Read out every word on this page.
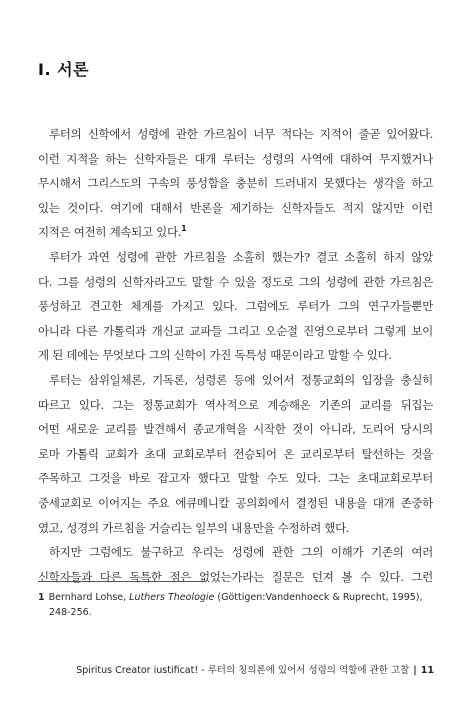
I. 서론
루터의 신학에서 성령에 관한 가르침이 너무 적다는 지적이 줄곧 있어왔다.
이런 지적을 하는 신학자들은 대개 루터는 성령의 사역에 대하여 무지했거나
무시해서 그리스도의 구속의 풍성함을 충분히 드러내지 못했다는 생각을 하고
있는 것이다. 여기에 대해서 반론을 제기하는 신학자들도 적지 않지만 이런
지적은 여전히 계속되고 있다.$^1$
루터가 과연 성령에 관한 가르침을 소홀히 했는가? 결코 소홀히 하지 않았
다. 그를 성령의 신학자라고도 말할 수 있을 정도로 그의 성령에 관한 가르침은
풍성하고 견고한 체계를 가지고 있다. 그럼에도 루터가 그의 연구가들뿐만
아니라 다른 가톨릭과 개신교 교파들 그리고 오순절 진영으로부터 그렇게 보이
게 된 데에는 무엇보다 그의 신학이 가진 독특성 때문이라고 말할 수 있다.
루터는 삼위일체론, 기독론, 성령론 등에 있어서 정통교회의 입장을 충실히
따르고 있다. 그는 정통교회가 역사적으로 계승해온 기존의 교리를 뒤집는
어떤 새로운 교리를 발견해서 종교개혁을 시작한 것이 아니라, 도리어 당시의
로마 가톨릭 교회가 초대 교회로부터 전승되어 온 교리로부터 탈선하는 것을
주목하고 그것을 바로 잡고자 했다고 말할 수도 있다. 그는 초대교회로부터
중세교회로 이어지는 주요 에큐메니칼 공의회에서 결정된 내용을 대개 존중하
였고, 성경의 가르침을 거슬리는 일부의 내용만을 수정하려 했다.
하지만 그럼에도 불구하고 우리는 성령에 관한 그의 이해가 기존의 여러
신학자들과 다른 독특한 점은 없었는가라는 질문은 던져 볼 수 있다. 그런
1 Bernhard Lohse, Luthers Theologie (Göttigen:Vandenhoeck & Ruprecht, 1995),
248-256.
Spiritus Creator iustificat! - 루터의 칭의론에 있어서 성령의 역할에 관한 고찰 | 11
